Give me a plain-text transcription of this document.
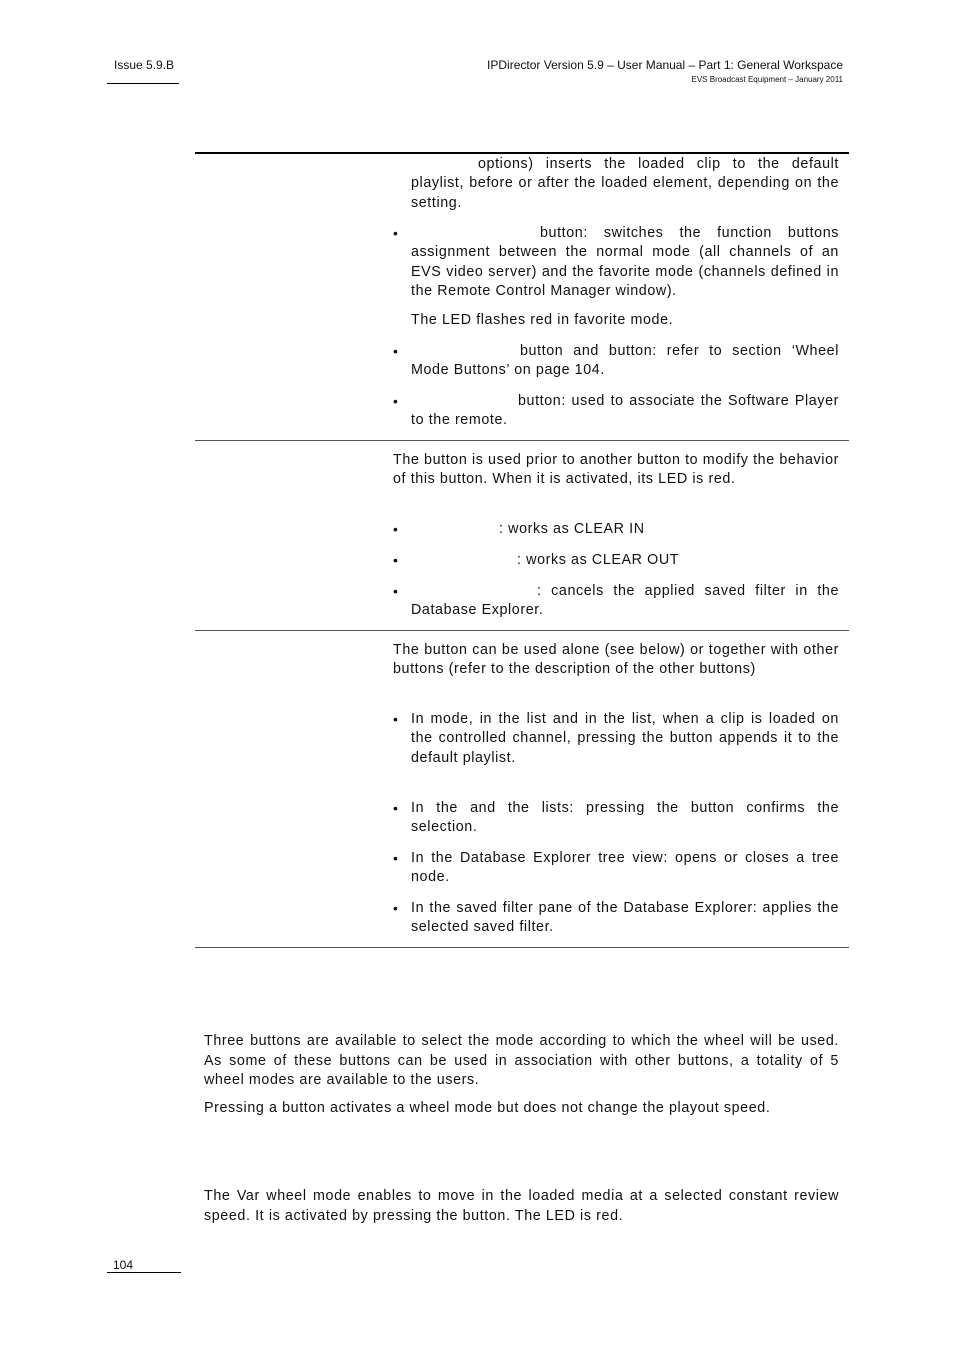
Issue 5.9.B	IPDirector Version 5.9 – User Manual – Part 1: General Workspace
EVS Broadcast Equipment – January 2011

options) inserts the loaded clip to the default playlist, before or after the loaded element, depending on the setting.

•	button: switches the function buttons assignment between the normal mode (all channels of an EVS video server) and the favorite mode (channels defined in the Remote Control Manager window).

The LED flashes red in favorite mode.

•	button and button: refer to section ‘Wheel Mode Buttons’ on page 104.

•	button: used to associate the Software Player to the remote.

The button is used prior to another button to modify the behavior of this button. When it is activated, its LED is red.

•	: works as CLEAR IN

•	: works as CLEAR OUT

•	: cancels the applied saved filter in the Database Explorer.

The button can be used alone (see below) or together with other buttons (refer to the description of the other buttons)

• In mode, in the list and in the list, when a clip is loaded on the controlled channel, pressing the button appends it to the default playlist.

• In the and the lists: pressing the button confirms the selection.

• In the Database Explorer tree view: opens or closes a tree node.

• In the saved filter pane of the Database Explorer: applies the selected saved filter.

Three buttons are available to select the mode according to which the wheel will be used. As some of these buttons can be used in association with other buttons, a totality of 5 wheel modes are available to the users.

Pressing a button activates a wheel mode but does not change the playout speed.

The Var wheel mode enables to move in the loaded media at a selected constant review speed. It is activated by pressing the button. The LED is red.

104
